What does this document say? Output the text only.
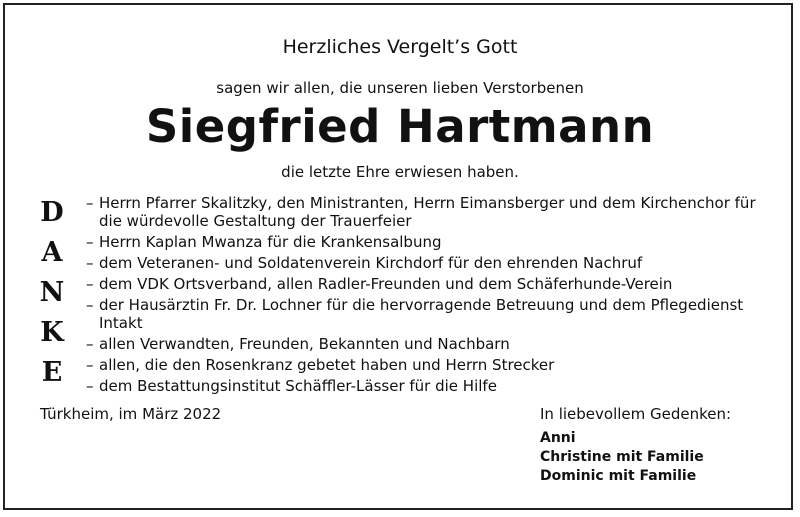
Herzliches Vergelt’s Gott
sagen wir allen, die unseren lieben Verstorbenen
Siegfried Hartmann
die letzte Ehre erwiesen haben.
D
A
N
K
E
– Herrn Pfarrer Skalitzky, den Ministranten, Herrn Eimansberger und dem Kirchenchor für die würdevolle Gestaltung der Trauerfeier
– Herrn Kaplan Mwanza für die Krankensalbung
– dem Veteranen- und Soldatenverein Kirchdorf für den ehrenden Nachruf
– dem VDK Ortsverband, allen Radler-Freunden und dem Schäferhunde-Verein
– der Hausärztin Fr. Dr. Lochner für die hervorragende Betreuung und dem Pflegedienst Intakt
– allen Verwandten, Freunden, Bekannten und Nachbarn
– allen, die den Rosenkranz gebetet haben und Herrn Strecker
– dem Bestattungsinstitut Schäffler-Lässer für die Hilfe
Türkheim, im März 2022	In liebevollem Gedenken:
Anni
Christine mit Familie
Dominic mit Familie
